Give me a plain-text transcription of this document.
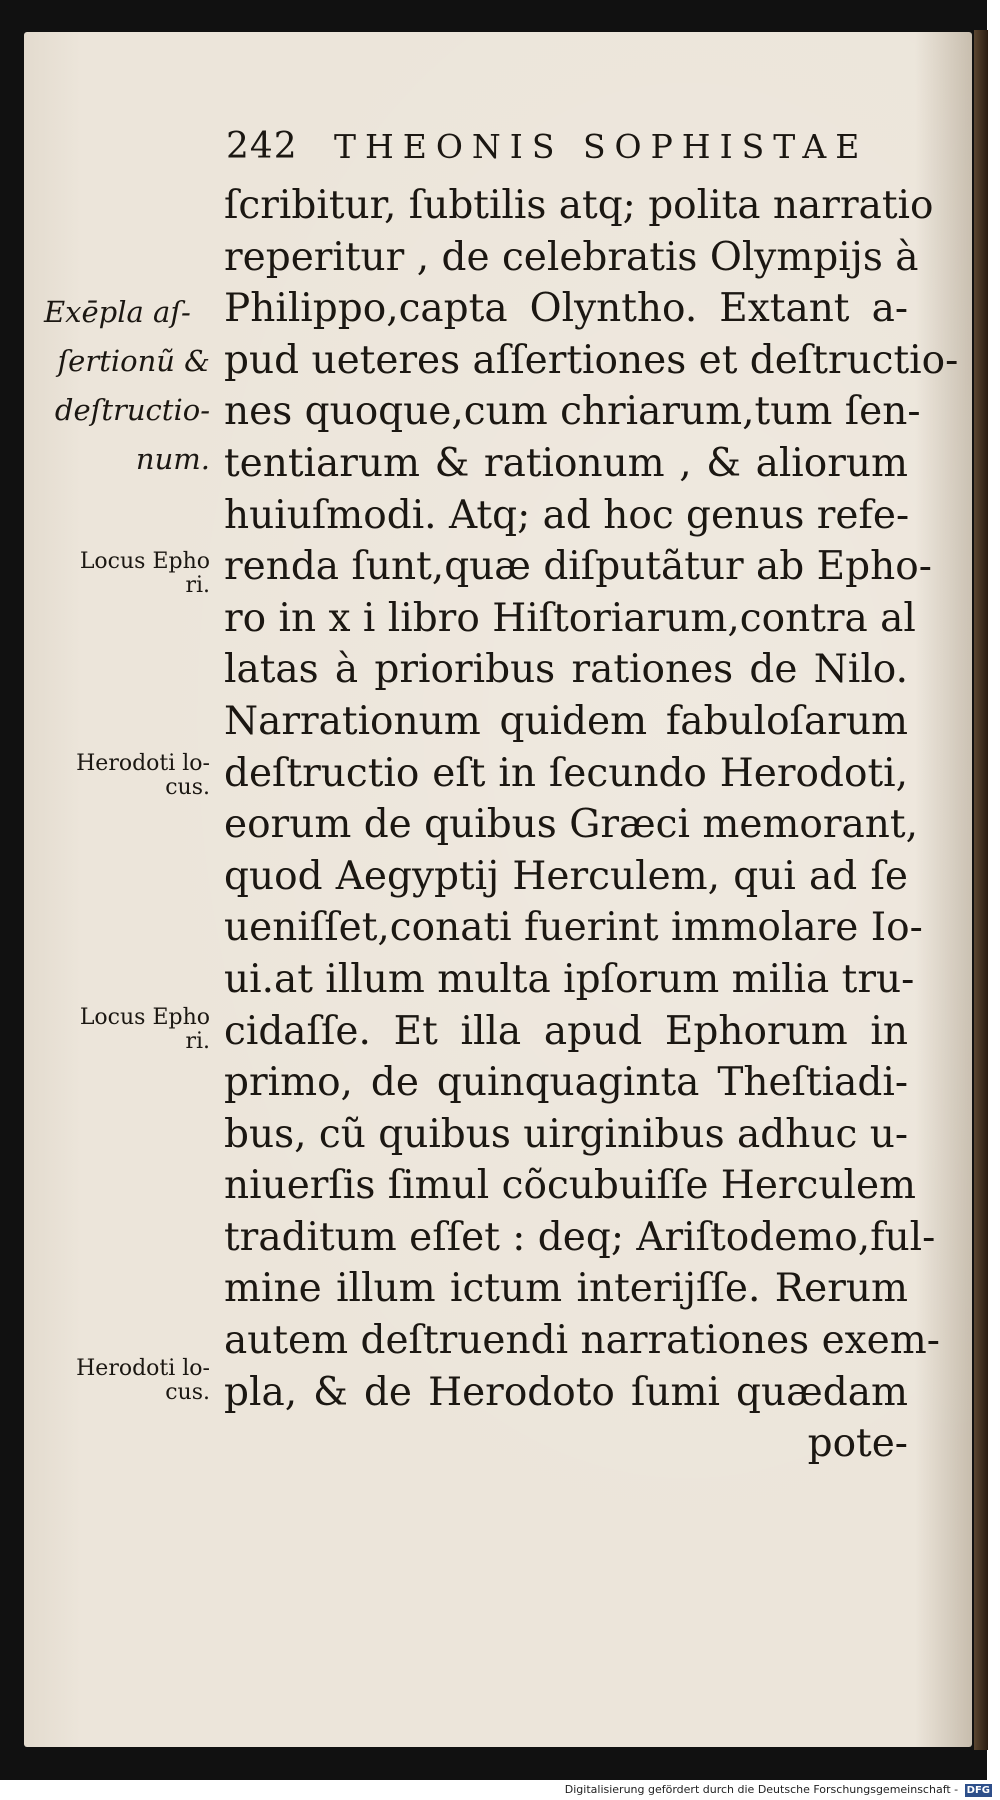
242 THEONIS SOPHISTAE
ſcribitur, ſubtilis atq; polita narratio
reperitur , de celebratis Olympijs à
Philippo,capta Olyntho. Extant a-
pud ueteres aſſertiones et deſtructio-
nes quoque,cum chriarum,tum ſen-
tentiarum & rationum , & aliorum
huiuſmodi. Atq; ad hoc genus refe-
renda ſunt,quæ diſputãtur ab Epho-
ro in x i libro Hiſtoriarum,contra al
latas à prioribus rationes de Nilo.
Narrationum quidem fabuloſarum
deſtructio eſt in ſecundo Herodoti,
eorum de quibus Græci memorant,
quod Aegyptij Herculem, qui ad ſe
ueniſſet,conati fuerint immolare Io-
ui.at illum multa ipſorum milia tru-
cidaſſe. Et illa apud Ephorum in
primo, de quinquaginta Theſtiadi-
bus, cũ quibus uirginibus adhuc u-
niuerſis ſimul cõcubuiſſe Herculem
traditum eſſet : deq; Ariſtodemo,ful-
mine illum ictum interijſſe. Rerum
autem deſtruendi narrationes exem-
pla, & de Herodoto ſumi quædam
pote-
Exēpla aſ-
ſertionũ &
deſtructio-
num.
Locus Epho
ri.
Herodoti lo-
cus.
Locus Epho
ri.
Herodoti lo-
cus.
Digitalisierung gefördert durch die Deutsche Forschungsgemeinschaft - DFG
